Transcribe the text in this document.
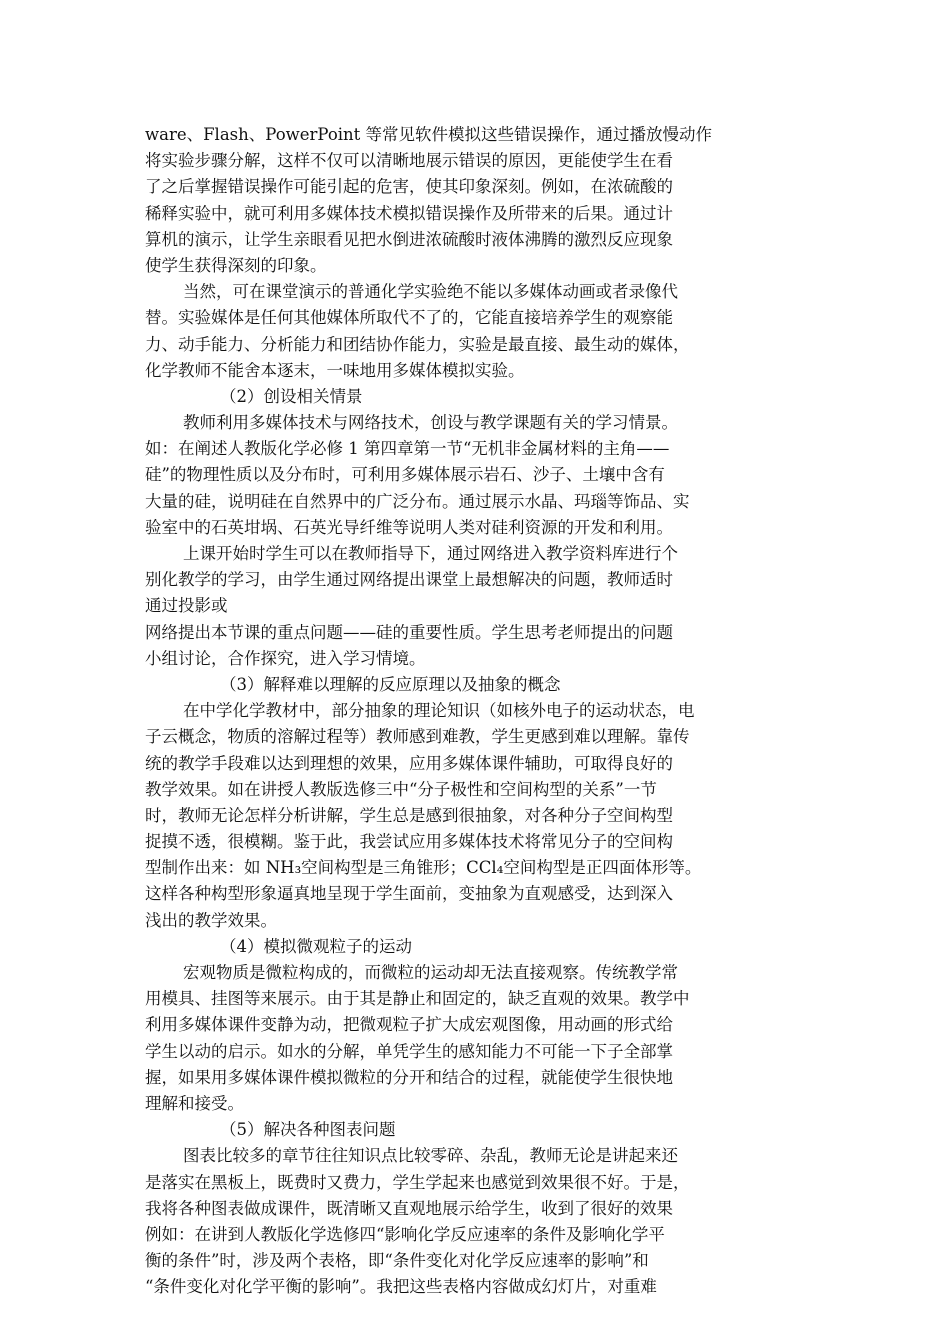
ware、Flash、PowerPoint 等常见软件模拟这些错误操作，通过播放慢动作
将实验步骤分解，这样不仅可以清晰地展示错误的原因，更能使学生在看
了之后掌握错误操作可能引起的危害，使其印象深刻。例如，在浓硫酸的
稀释实验中，就可利用多媒体技术模拟错误操作及所带来的后果。通过计
算机的演示，让学生亲眼看见把水倒进浓硫酸时液体沸腾的激烈反应现象
使学生获得深刻的印象。
当然，可在课堂演示的普通化学实验绝不能以多媒体动画或者录像代
替。实验媒体是任何其他媒体所取代不了的，它能直接培养学生的观察能
力、动手能力、分析能力和团结协作能力，实验是最直接、最生动的媒体，
化学教师不能舍本逐末，一味地用多媒体模拟实验。
（2）创设相关情景
教师利用多媒体技术与网络技术，创设与教学课题有关的学习情景。
如：在阐述人教版化学必修 1 第四章第一节“无机非金属材料的主角——
硅”的物理性质以及分布时，可利用多媒体展示岩石、沙子、土壤中含有
大量的硅，说明硅在自然界中的广泛分布。通过展示水晶、玛瑙等饰品、实
验室中的石英坩埚、石英光导纤维等说明人类对硅利资源的开发和利用。
上课开始时学生可以在教师指导下，通过网络进入教学资料库进行个
别化教学的学习，由学生通过网络提出课堂上最想解决的问题，教师适时
通过投影或
网络提出本节课的重点问题——硅的重要性质。学生思考老师提出的问题
小组讨论，合作探究，进入学习情境。
（3）解释难以理解的反应原理以及抽象的概念
在中学化学教材中，部分抽象的理论知识（如核外电子的运动状态，电
子云概念，物质的溶解过程等）教师感到难教，学生更感到难以理解。靠传
统的教学手段难以达到理想的效果，应用多媒体课件辅助，可取得良好的
教学效果。如在讲授人教版选修三中“分子极性和空间构型的关系”一节
时，教师无论怎样分析讲解，学生总是感到很抽象，对各种分子空间构型
捉摸不透，很模糊。鉴于此，我尝试应用多媒体技术将常见分子的空间构
型制作出来：如 NH₃空间构型是三角锥形；CCl₄空间构型是正四面体形等。
这样各种构型形象逼真地呈现于学生面前，变抽象为直观感受，达到深入
浅出的教学效果。
（4）模拟微观粒子的运动
宏观物质是微粒构成的，而微粒的运动却无法直接观察。传统教学常
用模具、挂图等来展示。由于其是静止和固定的，缺乏直观的效果。教学中
利用多媒体课件变静为动，把微观粒子扩大成宏观图像，用动画的形式给
学生以动的启示。如水的分解，单凭学生的感知能力不可能一下子全部掌
握，如果用多媒体课件模拟微粒的分开和结合的过程，就能使学生很快地
理解和接受。
（5）解决各种图表问题
图表比较多的章节往往知识点比较零碎、杂乱，教师无论是讲起来还
是落实在黑板上，既费时又费力，学生学起来也感觉到效果很不好。于是，
我将各种图表做成课件，既清晰又直观地展示给学生，收到了很好的效果
例如：在讲到人教版化学选修四“影响化学反应速率的条件及影响化学平
衡的条件”时，涉及两个表格，即“条件变化对化学反应速率的影响”和
“条件变化对化学平衡的影响”。我把这些表格内容做成幻灯片，对重难
